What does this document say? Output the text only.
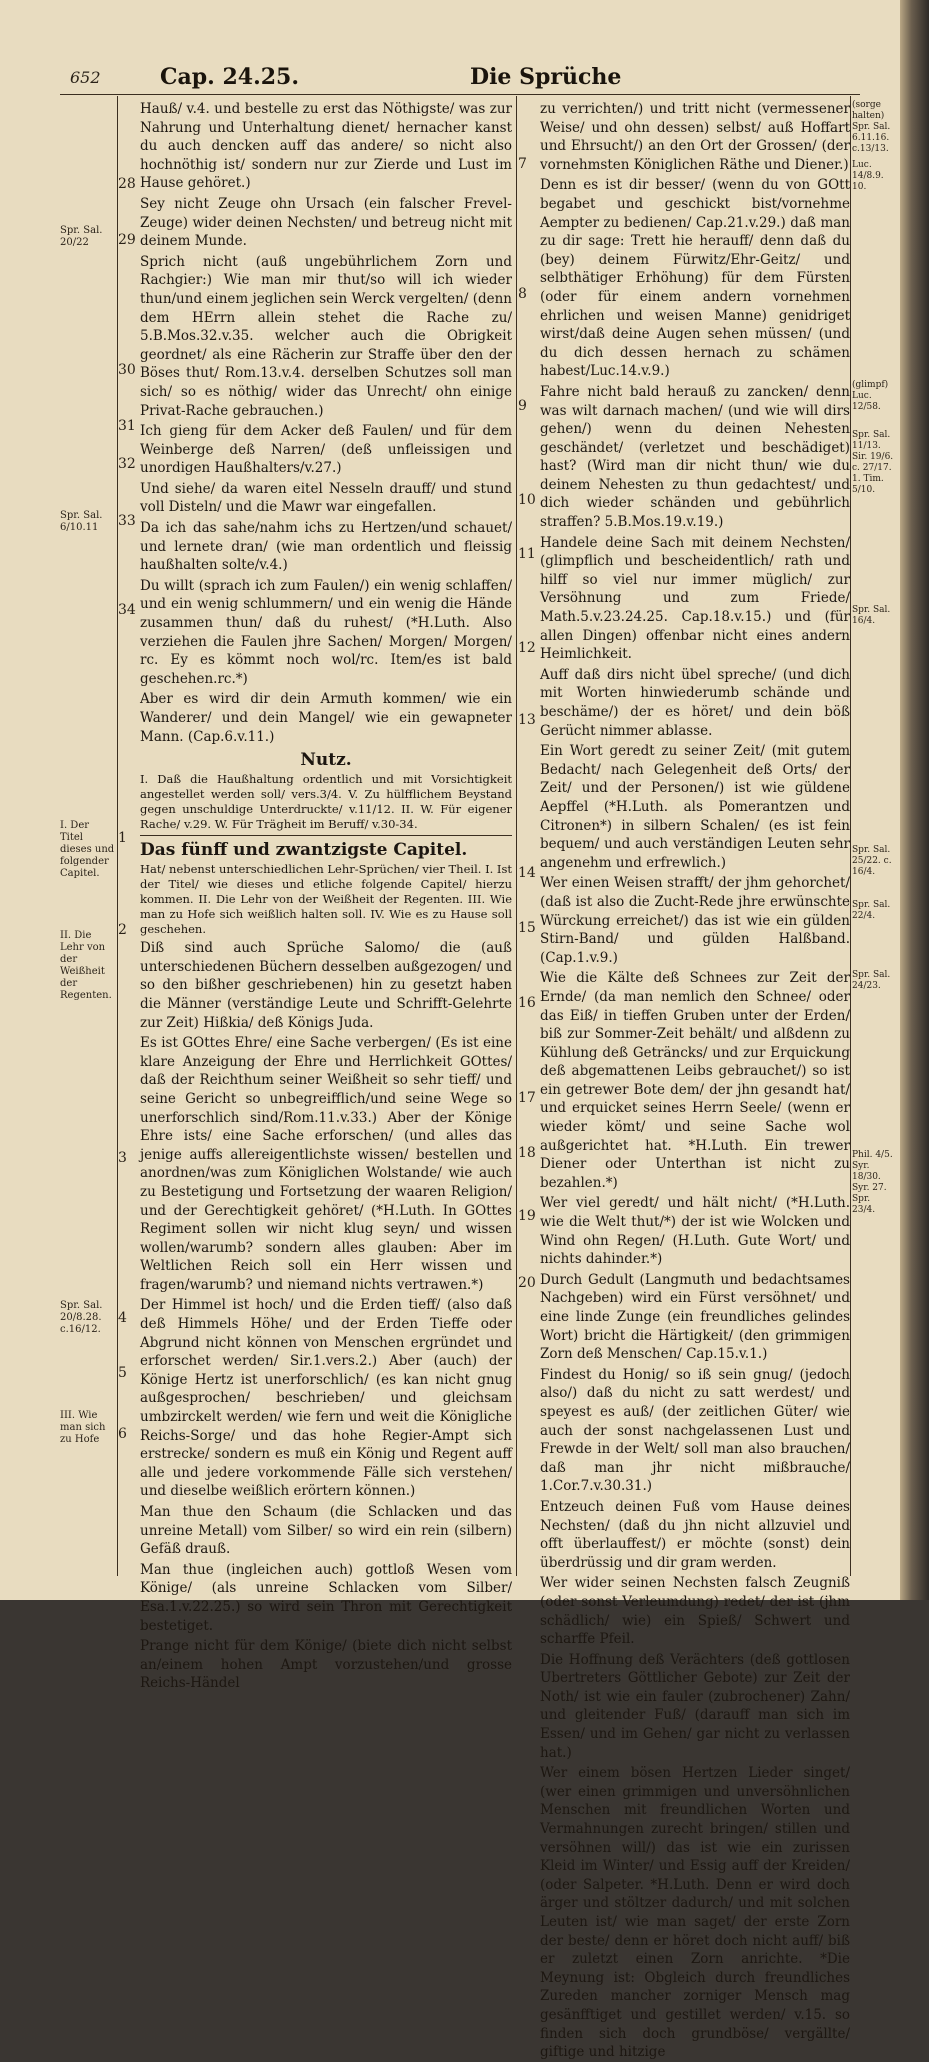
652	Cap. 24.25.	Die Sprüche
Spr. Sal. 20/22
Spr. Sal. 6/10.11
I. Der Titel dieses und folgender Capitel.
II. Die Lehr von der Weißheit der Regenten.
Spr. Sal. 20/8.28. c.16/12.
III. Wie man sich zu Hofe
(sorge halten) Spr. Sal. 6.11.16. c.13/13.
Luc. 14/8.9. 10.
(glimpf) Luc. 12/58.
Spr. Sal. 11/13. Sir. 19/6. c. 27/17. 1. Tim. 5/10.
Spr. Sal. 16/4.
Spr. Sal. 25/22. c. 16/4.
Spr. Sal. 22/4.
Spr. Sal. 24/23.
Phil. 4/5. Syr. 18/30. Syr. 27. Spr. 23/4.
28
29
30
31
32
33
34
1
2
3
4
5
6
7
8
9
10
11
12
13
14
15
16
17
18
19
20

Hauß/ v.4. und bestelle zu erst das Nöthigste/ was zur Nahrung und Unterhaltung dienet/ hernacher kanst du auch dencken auff das andere/ so nicht also hochnöthig ist/ sondern nur zur Zierde und Lust im Hause gehöret.)

Sey nicht Zeuge ohn Ursach (ein falscher Frevel-Zeuge) wider deinen Nechsten/ und betreug nicht mit deinem Munde.

Sprich nicht (auß ungebührlichem Zorn und Rachgier:) Wie man mir thut/so will ich wieder thun/und einem jeglichen sein Werck vergelten/ (denn dem HErrn allein stehet die Rache zu/ 5.B.Mos.32.v.35. welcher auch die Obrigkeit geordnet/ als eine Rächerin zur Straffe über den der Böses thut/ Rom.13.v.4. derselben Schutzes soll man sich/ so es nöthig/ wider das Unrecht/ ohn einige Privat-Rache gebrauchen.)

Ich gieng für dem Acker deß Faulen/ und für dem Weinberge deß Narren/ (deß unfleissigen und unordigen Haußhalters/v.27.)

Und siehe/ da waren eitel Nesseln drauff/ und stund voll Disteln/ und die Mawr war eingefallen.

Da ich das sahe/nahm ichs zu Hertzen/und schauet/ und lernete dran/ (wie man ordentlich und fleissig haußhalten solte/v.4.)

Du willt (sprach ich zum Faulen/) ein wenig schlaffen/ und ein wenig schlummern/ und ein wenig die Hände zusammen thun/ daß du ruhest/ (*H.Luth. Also verziehen die Faulen jhre Sachen/ Morgen/ Morgen/ rc. Ey es kömmt noch wol/rc. Item/es ist bald geschehen.rc.*)

Aber es wird dir dein Armuth kommen/ wie ein Wanderer/ und dein Mangel/ wie ein gewapneter Mann. (Cap.6.v.11.)

Nutz.

I. Daß die Haußhaltung ordentlich und mit Vorsichtigkeit angestellet werden soll/ vers.3/4. V. Zu hülfflichem Beystand gegen unschuldige Unterdruckte/ v.11/12. II. W. Für eigener Rache/ v.29. W. Für Trägheit im Beruff/ v.30-34.

Das fünff und zwantzigste Capitel.

Hat/ nebenst unterschiedlichen Lehr-Sprüchen/ vier Theil. I. Ist der Titel/ wie dieses und etliche folgende Capitel/ hierzu kommen. II. Die Lehr von der Weißheit der Regenten. III. Wie man zu Hofe sich weißlich halten soll. IV. Wie es zu Hause soll geschehen.

Diß sind auch Sprüche Salomo/ die (auß unterschiedenen Büchern desselben außgezogen/ und so den bißher geschriebenen) hin zu gesetzt haben die Männer (verständige Leute und Schrifft-Gelehrte zur Zeit) Hißkia/ deß Königs Juda.

Es ist GOttes Ehre/ eine Sache verbergen/ (Es ist eine klare Anzeigung der Ehre und Herrlichkeit GOttes/ daß der Reichthum seiner Weißheit so sehr tieff/ und seine Gericht so unbegreifflich/und seine Wege so unerforschlich sind/Rom.11.v.33.) Aber der Könige Ehre ists/ eine Sache erforschen/ (und alles das jenige auffs allereigentlichste wissen/ bestellen und anordnen/was zum Königlichen Wolstande/ wie auch zu Bestetigung und Fortsetzung der waaren Religion/ und der Gerechtigkeit gehöret/ (*H.Luth. In GOttes Regiment sollen wir nicht klug seyn/ und wissen wollen/warumb? sondern alles glauben: Aber im Weltlichen Reich soll ein Herr wissen und fragen/warumb? und niemand nichts vertrawen.*)

Der Himmel ist hoch/ und die Erden tieff/ (also daß deß Himmels Höhe/ und der Erden Tieffe oder Abgrund nicht können von Menschen ergründet und erforschet werden/ Sir.1.vers.2.) Aber (auch) der Könige Hertz ist unerforschlich/ (es kan nicht gnug außgesprochen/ beschrieben/ und gleichsam umbzirckelt werden/ wie fern und weit die Königliche Reichs-Sorge/ und das hohe Regier-Ampt sich erstrecke/ sondern es muß ein König und Regent auff alle und jedere vorkommende Fälle sich verstehen/ und dieselbe weißlich erörtern können.)

Man thue den Schaum (die Schlacken und das unreine Metall) vom Silber/ so wird ein rein (silbern) Gefäß drauß.

Man thue (ingleichen auch) gottloß Wesen vom Könige/ (als unreine Schlacken vom Silber/ Esa.1.v.22.25.) so wird sein Thron mit Gerechtigkeit bestetiget.

Prange nicht für dem Könige/ (biete dich nicht selbst an/einem hohen Ampt vorzustehen/und grosse Reichs-Händel

zu verrichten/) und tritt nicht (vermessener Weise/ und ohn dessen) selbst/ auß Hoffart und Ehrsucht/) an den Ort der Grossen/ (der vornehmsten Königlichen Räthe und Diener.)

Denn es ist dir besser/ (wenn du von GOtt begabet und geschickt bist/vornehme Aempter zu bedienen/ Cap.21.v.29.) daß man zu dir sage: Trett hie herauff/ denn daß du (bey) deinem Fürwitz/Ehr-Geitz/ und selbthätiger Erhöhung) für dem Fürsten (oder für einem andern vornehmen ehrlichen und weisen Manne) genidriget wirst/daß deine Augen sehen müssen/ (und du dich dessen hernach zu schämen habest/Luc.14.v.9.)

Fahre nicht bald herauß zu zancken/ denn was wilt darnach machen/ (und wie will dirs gehen/) wenn du deinen Nehesten geschändet/ (verletzet und beschädiget) hast? (Wird man dir nicht thun/ wie du deinem Nehesten zu thun gedachtest/ und dich wieder schänden und gebührlich straffen? 5.B.Mos.19.v.19.)

Handele deine Sach mit deinem Nechsten/ (glimpflich und bescheidentlich/ rath und hilff so viel nur immer müglich/ zur Versöhnung und zum Friede/ Math.5.v.23.24.25. Cap.18.v.15.) und (für allen Dingen) offenbar nicht eines andern Heimlichkeit.

Auff daß dirs nicht übel spreche/ (und dich mit Worten hinwiederumb schände und beschäme/) der es höret/ und dein böß Gerücht nimmer ablasse.

Ein Wort geredt zu seiner Zeit/ (mit gutem Bedacht/ nach Gelegenheit deß Orts/ der Zeit/ und der Personen/) ist wie güldene Aepffel (*H.Luth. als Pomerantzen und Citronen*) in silbern Schalen/ (es ist fein bequem/ und auch verständigen Leuten sehr angenehm und erfrewlich.)

Wer einen Weisen strafft/ der jhm gehorchet/ (daß ist also die Zucht-Rede jhre erwünschte Würckung erreichet/) das ist wie ein gülden Stirn-Band/ und gülden Halßband. (Cap.1.v.9.)

Wie die Kälte deß Schnees zur Zeit der Ernde/ (da man nemlich den Schnee/ oder das Eiß/ in tieffen Gruben unter der Erden/ biß zur Sommer-Zeit behält/ und alßdenn zu Kühlung deß Geträncks/ und zur Erquickung deß abgemattenen Leibs gebrauchet/) so ist ein getrewer Bote dem/ der jhn gesandt hat/ und erquicket seines Herrn Seele/ (wenn er wieder kömt/ und seine Sache wol außgerichtet hat. *H.Luth. Ein trewer Diener oder Unterthan ist nicht zu bezahlen.*)

Wer viel geredt/ und hält nicht/ (*H.Luth. wie die Welt thut/*) der ist wie Wolcken und Wind ohn Regen/ (H.Luth. Gute Wort/ und nichts dahinder.*)

Durch Gedult (Langmuth und bedachtsames Nachgeben) wird ein Fürst versöhnet/ und eine linde Zunge (ein freundliches gelindes Wort) bricht die Härtigkeit/ (den grimmigen Zorn deß Menschen/ Cap.15.v.1.)

Findest du Honig/ so iß sein gnug/ (jedoch also/) daß du nicht zu satt werdest/ und speyest es auß/ (der zeitlichen Güter/ wie auch der sonst nachgelassenen Lust und Frewde in der Welt/ soll man also brauchen/ daß man jhr nicht mißbrauche/ 1.Cor.7.v.30.31.)

Entzeuch deinen Fuß vom Hause deines Nechsten/ (daß du jhn nicht allzuviel und offt überlauffest/) er möchte (sonst) dein überdrüssig und dir gram werden.

Wer wider seinen Nechsten falsch Zeugniß (oder sonst Verleumdung) redet/ der ist (jhm schädlich/ wie) ein Spieß/ Schwert und scharffe Pfeil.

Die Hoffnung deß Verächters (deß gottlosen Ubertreters Göttlicher Gebote) zur Zeit der Noth/ ist wie ein fauler (zubrochener) Zahn/ und gleitender Fuß/ (darauff man sich im Essen/ und im Gehen/ gar nicht zu verlassen hat.)

Wer einem bösen Hertzen Lieder singet/ (wer einen grimmigen und unversöhnlichen Menschen mit freundlichen Worten und Vermahnungen zurecht bringen/ stillen und versöhnen will/) das ist wie ein zurissen Kleid im Winter/ und Essig auff der Kreiden/ (oder Salpeter. *H.Luth. Denn er wird doch ärger und stöltzer dadurch/ und mit solchen Leuten ist/ wie man saget/ der erste Zorn der beste/ denn er höret doch nicht auff/ biß er zuletzt einen Zorn anrichte. *Die Meynung ist: Obgleich durch freundliches Zureden mancher zorniger Mensch mag gesänfftiget und gestillet werden/ v.15. so finden sich doch grundböse/ vergällte/ giftige und hitzige
